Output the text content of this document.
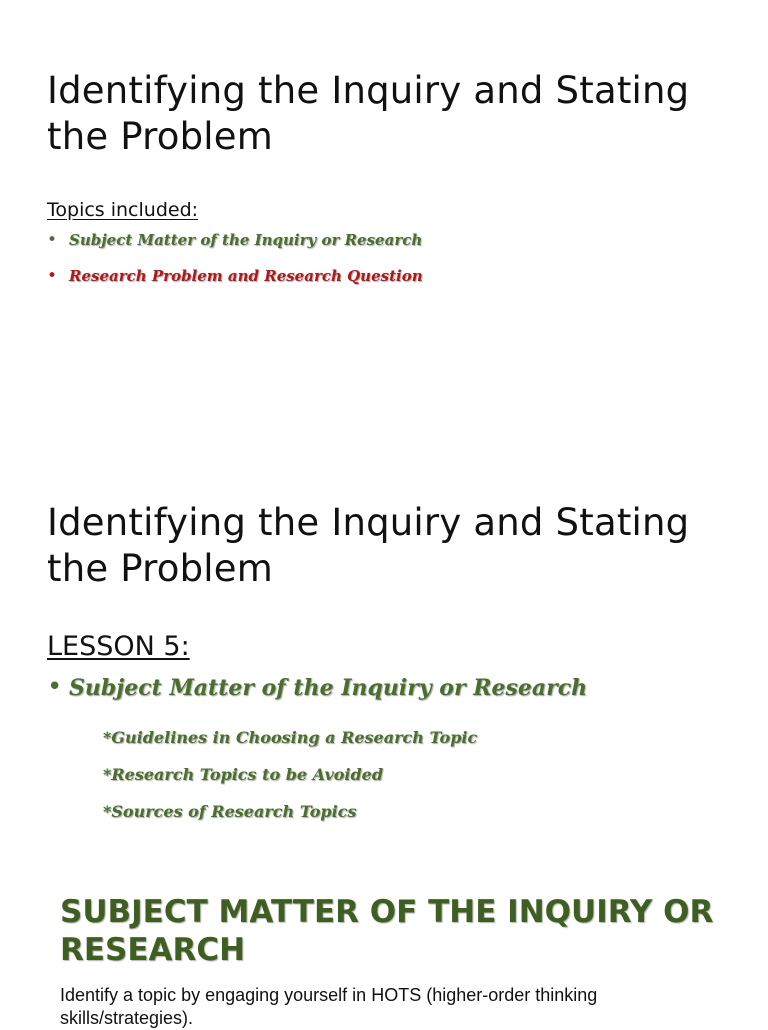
Identifying the Inquiry and Stating the Problem
Topics included:
• Subject Matter of the Inquiry or Research
• Research Problem and Research Question
Identifying the Inquiry and Stating the Problem
LESSON 5:
• Subject Matter of the Inquiry or Research
*Guidelines in Choosing a Research Topic
*Research Topics to be Avoided
*Sources of Research Topics
SUBJECT MATTER OF THE INQUIRY OR RESEARCH

Identify a topic by engaging yourself in HOTS (higher-order thinking skills/strategies).
